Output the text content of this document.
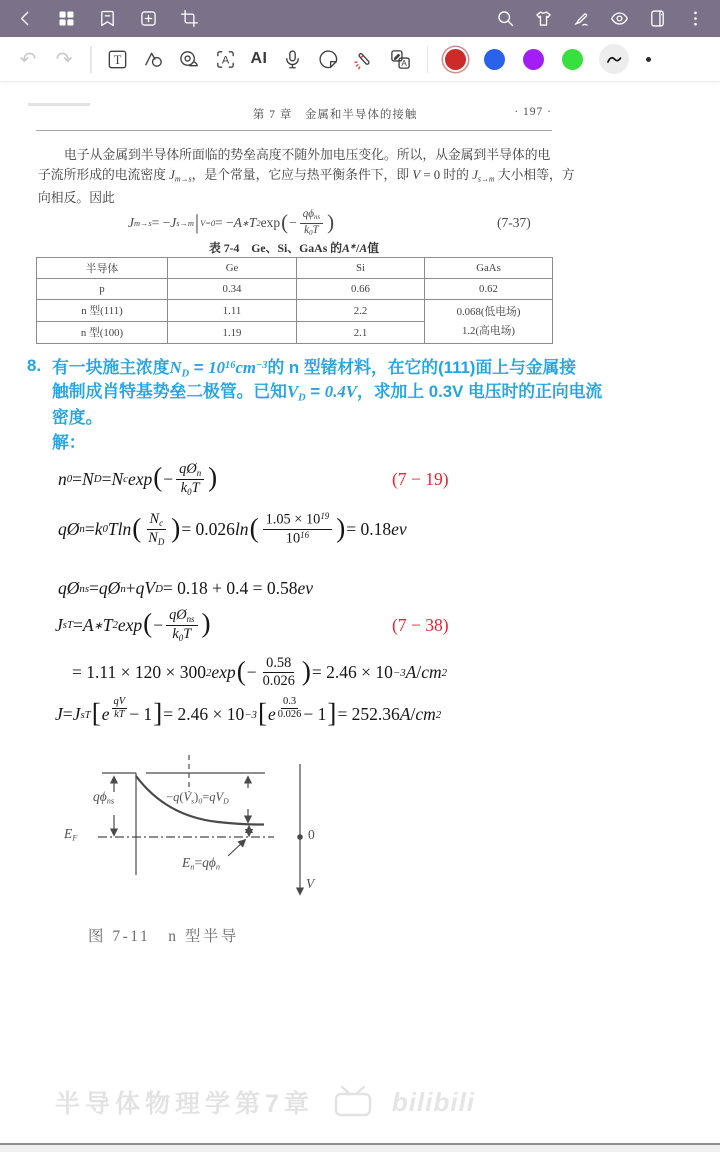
↶ ↷	T	A AI	A
第 7 章　金属和半导体的接触	· 197 ·
电子从金属到半导体所面临的势垒高度不随外加电压变化。所以，从金属到半导体的电
子流所形成的电流密度 $J_{m\to s}$，是个常量，它应与热平衡条件下，即 V = 0 时的 $J_{s\to m}$ 大小相等，方
向相反。因此
J m→s = − J s→m | V=0 = − A ∗ T 2 exp ( − $\frac{q\phi_{ns}}{k_0T}$ )	(7-37)
表 7-4　Ge、Si、GaAs 的A∗/A值
半导体	Ge	Si	GaAs
p	0.34	0.66	0.62
n 型(111)	1.11	2.2	0.068(低电场)
1.2(高电场)

n 型(100)	1.19	2.1	
8. 有一块施主浓度$N_D = 10^{16}cm^{-3}$的 n 型锗材料，在它的(111)面上与金属接
触制成肖特基势垒二极管。已知$V_D = 0.4V$，求加上 0.3V 电压时的正向电流
密度。
解：
n 0 = N D = N c exp ( − $\frac{qØ_n}{k_0T}$ )	(7 − 19)
qØ n = k 0 Tln ( $\frac{N_c}{N_D}$ ) = 0.026 ln ( $\frac{1.05 \times 10^{19}}{10^{16}}$ ) = 0.18 ev
qØ ns = qØ n + qV D = 0.18 + 0.4 = 0.58 ev
J sT = A ∗ T 2 exp ( − $\frac{qØ_{ns}}{k_0T}$ )	(7 − 38)
= 1.11 × 120 × 300 2 exp ( − $\frac{0.58}{0.026}$ ) = 2.46 × 10 −3 A / cm 2
J = J sT [ e
qV
kT − 1 ] = 2.46 × 10 −3 [ e
0.3
0.026 − 1 ] = 252.36 A / cm 2
$q\phi_{ns}$
$E_F$
$-q(V_s)_0=qV_D$
$E_n=q\phi_n$
0
V
图 7-11　n 型半导
半导体物理学第7章	bilibili
